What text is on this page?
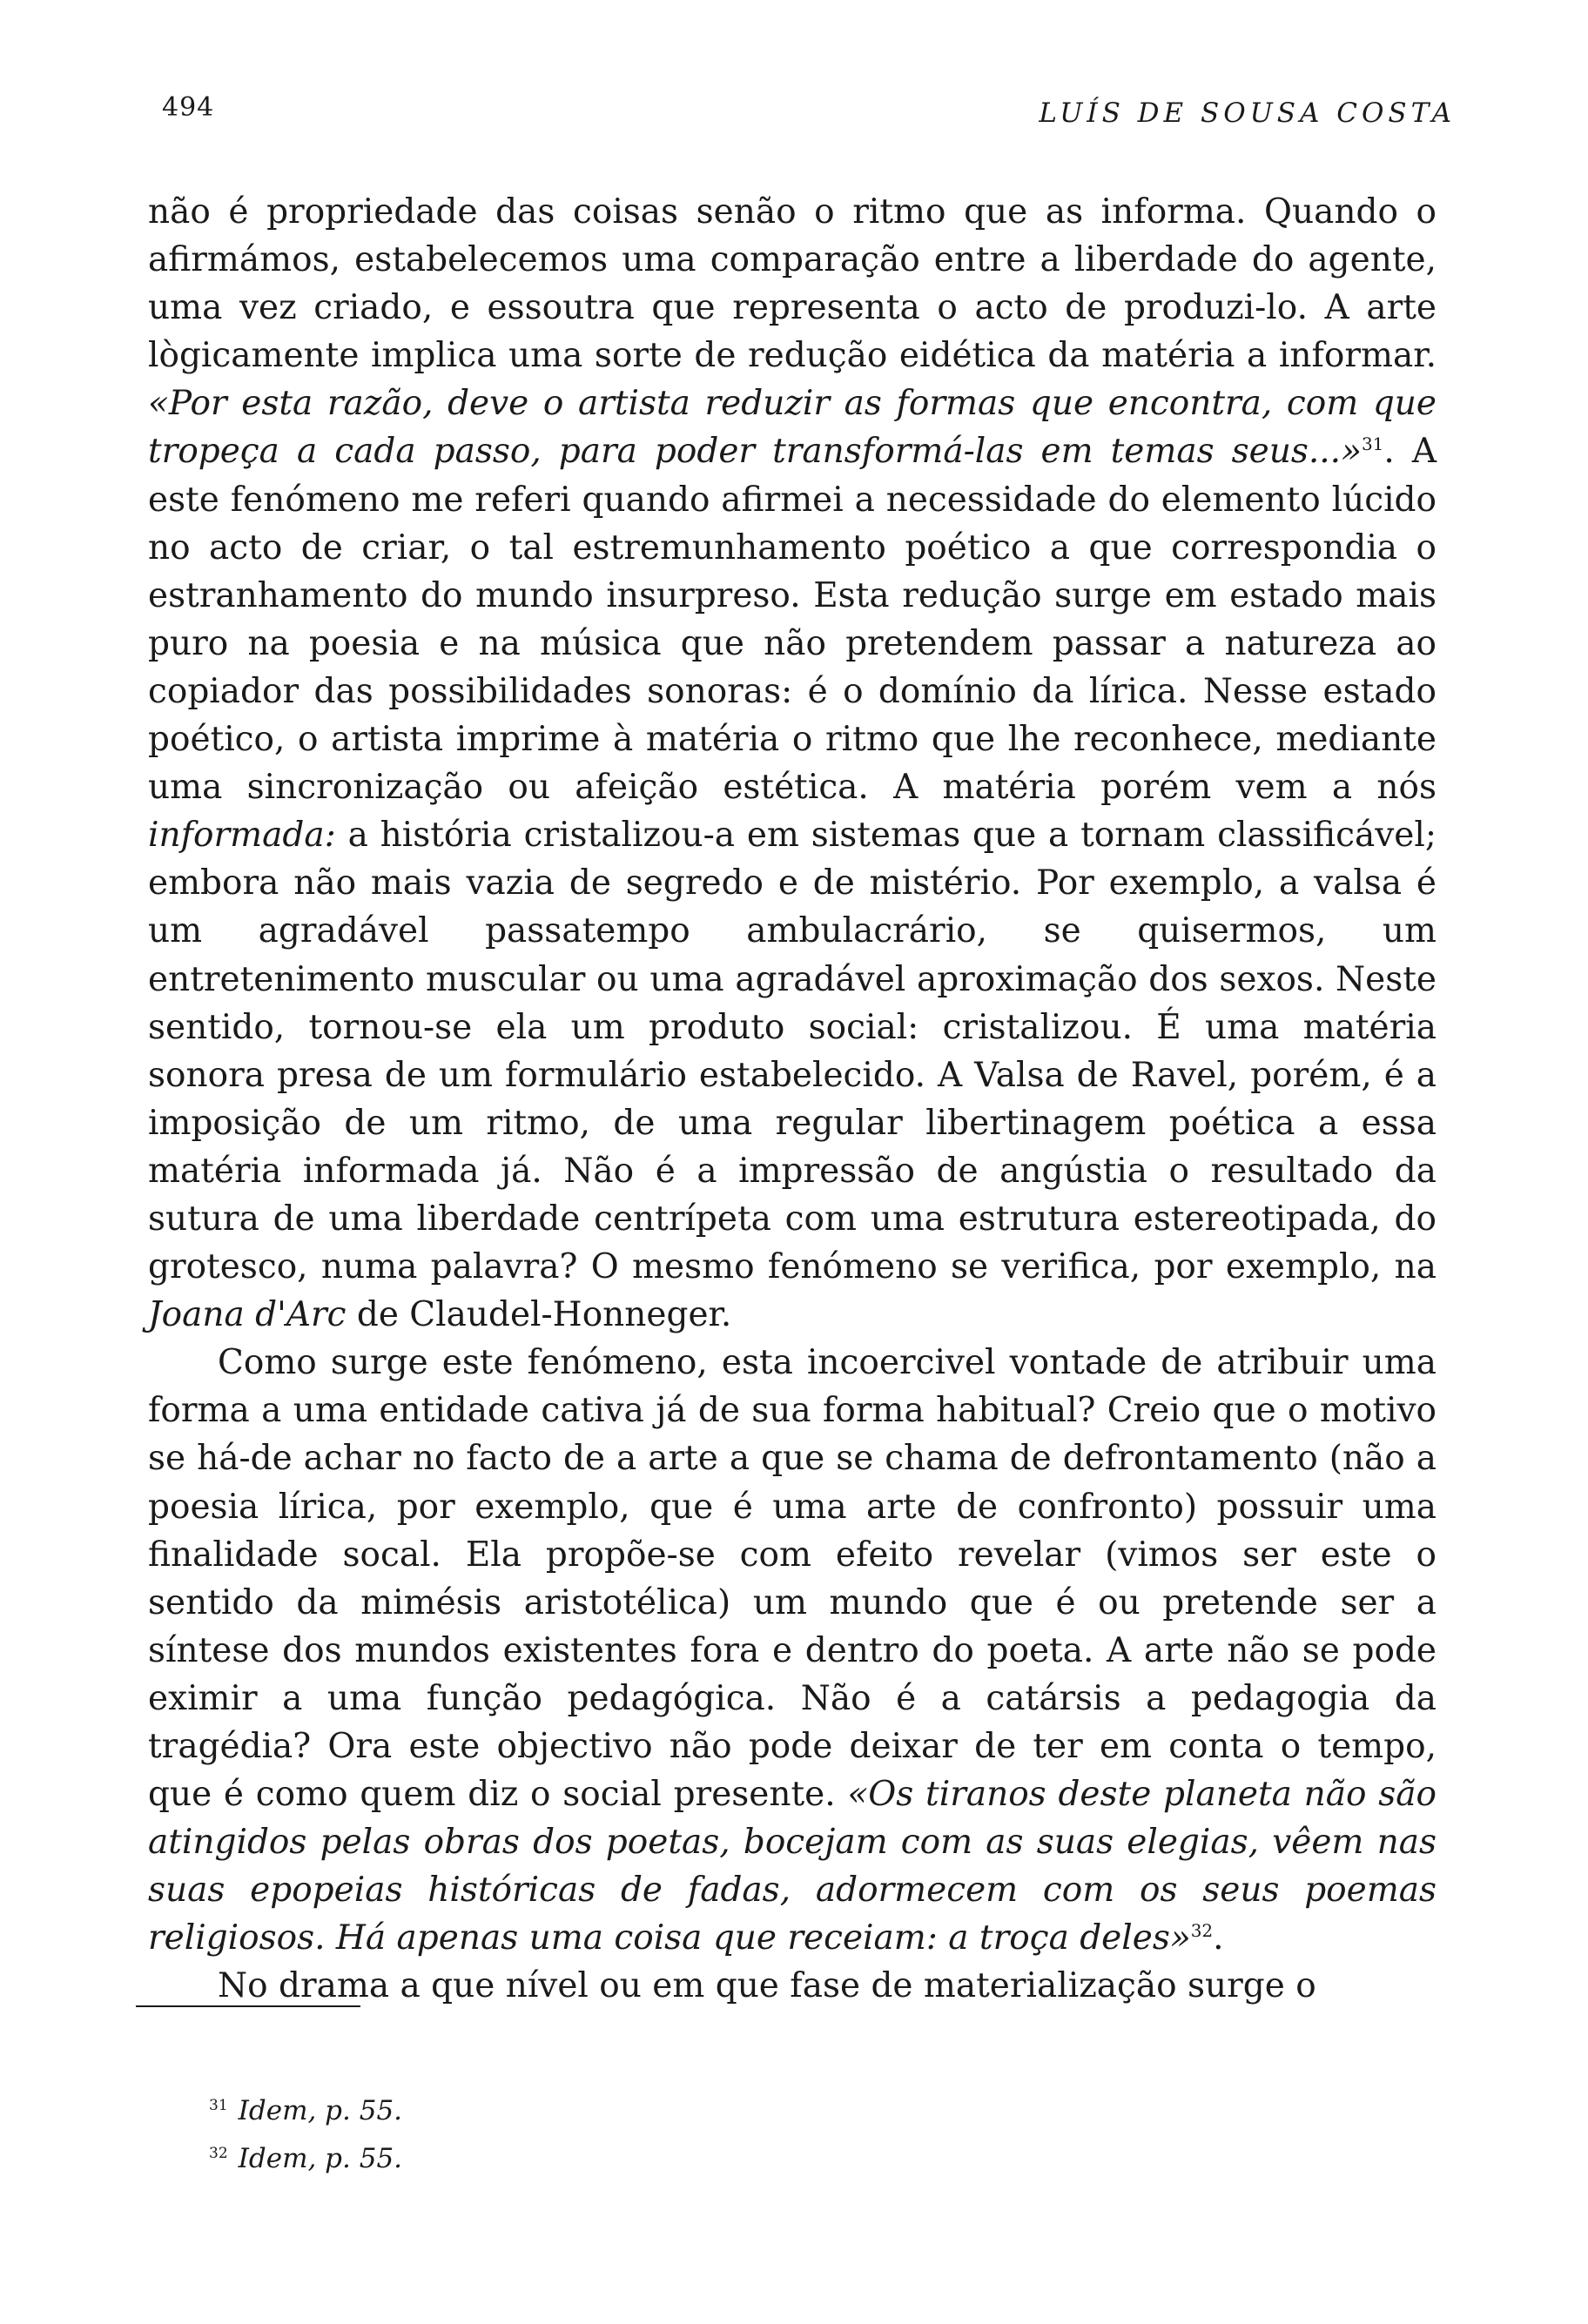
494	LUÍS DE SOUSA COSTA

não é propriedade das coisas senão o ritmo que as informa. Quando o afirmámos, estabelecemos uma comparação entre a liberdade do agente, uma vez criado, e essoutra que representa o acto de produzi-lo. A arte lògicamente implica uma sorte de redução eidética da matéria a informar. «Por esta razão, deve o artista reduzir as formas que encontra, com que tropeça a cada passo, para poder transformá-las em temas seus...»$^{31}$. A este fenómeno me referi quando afirmei a necessidade do elemento lúcido no acto de criar, o tal estremunhamento poético a que correspondia o estranhamento do mundo insurpreso. Esta redução surge em estado mais puro na poesia e na música que não pretendem passar a natureza ao copiador das possibilidades sonoras: é o domínio da lírica. Nesse estado poético, o artista imprime à matéria o ritmo que lhe reconhece, mediante uma sincronização ou afeição estética. A matéria porém vem a nós informada: a história cristalizou-a em sistemas que a tornam classificável; embora não mais vazia de segredo e de mistério. Por exemplo, a valsa é um agradável passatempo ambulacrário, se quisermos, um entretenimento muscular ou uma agradável aproximação dos sexos. Neste sentido, tornou-se ela um produto social: cristalizou. É uma matéria sonora presa de um formulário estabelecido. A Valsa de Ravel, porém, é a imposição de um ritmo, de uma regular libertinagem poética a essa matéria informada já. Não é a impressão de angústia o resultado da sutura de uma liberdade centrípeta com uma estrutura estereotipada, do grotesco, numa palavra? O mesmo fenómeno se verifica, por exemplo, na Joana d'Arc de Claudel-Honneger.

Como surge este fenómeno, esta incoercivel vontade de atribuir uma forma a uma entidade cativa já de sua forma habitual? Creio que o motivo se há-de achar no facto de a arte a que se chama de defrontamento (não a poesia lírica, por exemplo, que é uma arte de confronto) possuir uma finalidade socal. Ela propõe-se com efeito revelar (vimos ser este o sentido da mimésis aristotélica) um mundo que é ou pretende ser a síntese dos mundos existentes fora e dentro do poeta. A arte não se pode eximir a uma função pedagógica. Não é a catársis a pedagogia da tragédia? Ora este objectivo não pode deixar de ter em conta o tempo, que é como quem diz o social presente. «Os tiranos deste planeta não são atingidos pelas obras dos poetas, bocejam com as suas elegias, vêem nas suas epopeias históricas de fadas, adormecem com os seus poemas religiosos. Há apenas uma coisa que receiam: a troça deles»$^{32}$.

No drama a que nível ou em que fase de materialização surge o

$^{31}$ Idem, p. 55.
$^{32}$ Idem, p. 55.
